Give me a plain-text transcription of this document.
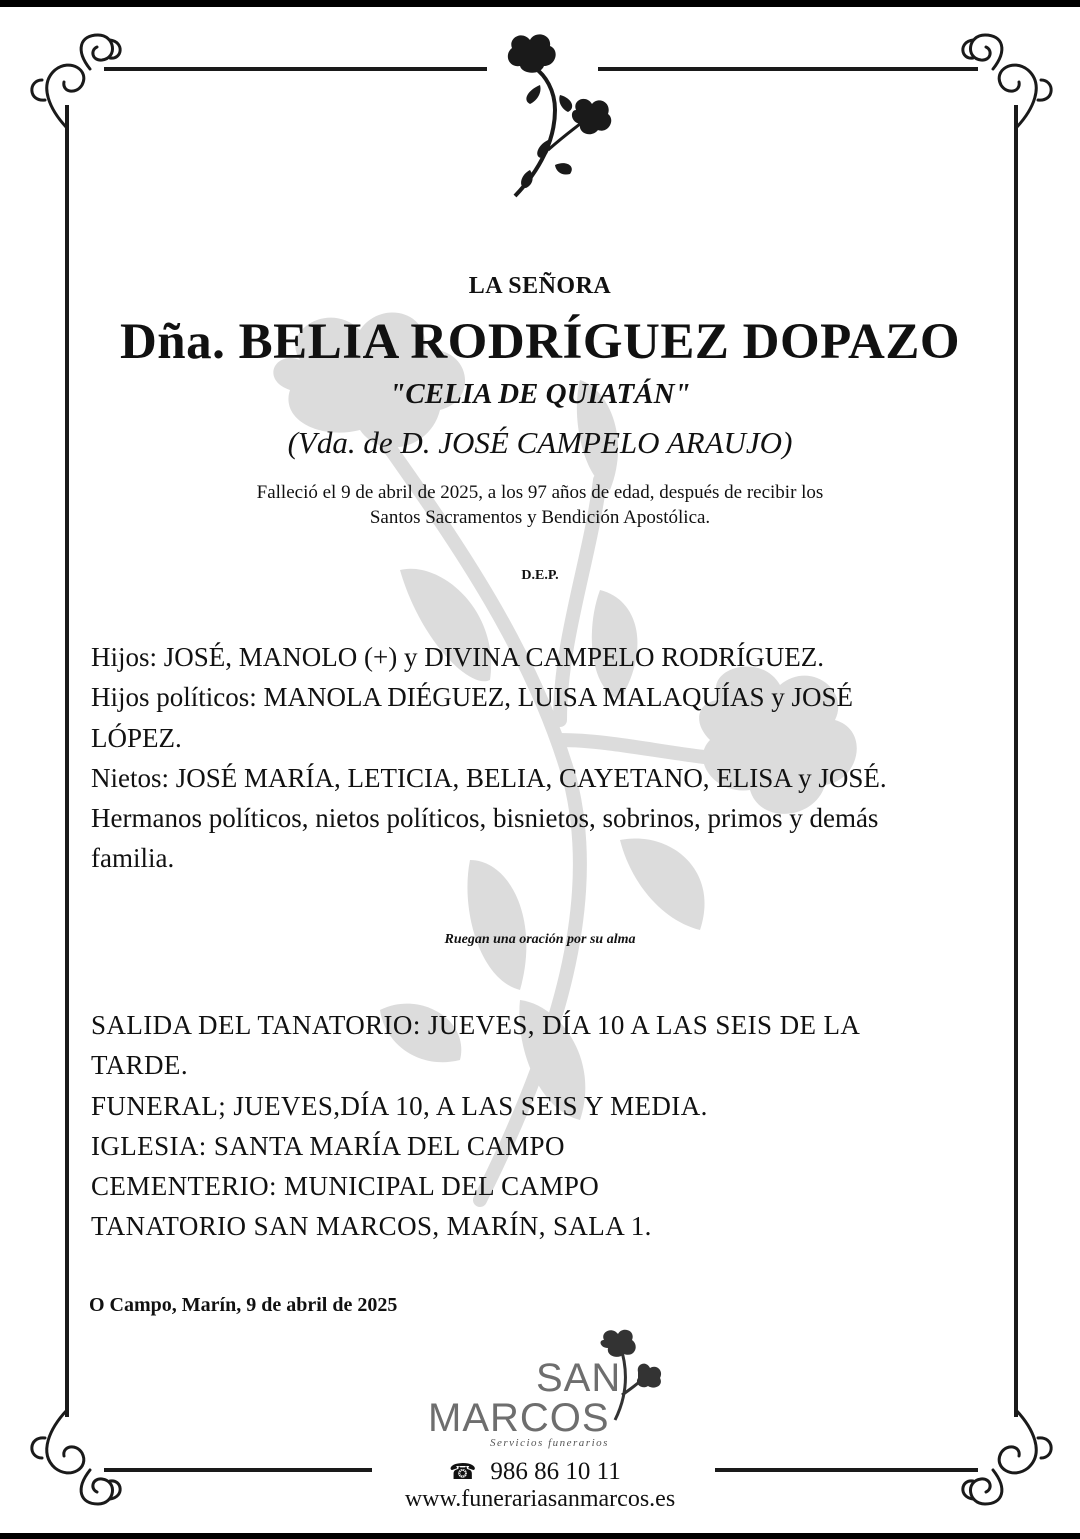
LA SEÑORA

Dña. BELIA RODRÍGUEZ DOPAZO

"CELIA DE QUIATÁN"

(Vda. de D. JOSÉ CAMPELO ARAUJO)

Falleció el 9 de abril de 2025, a los 97 años de edad, después de recibir los
Santos Sacramentos y Bendición Apostólica.

D.E.P.

Hijos: JOSÉ, MANOLO (+) y DIVINA CAMPELO RODRÍGUEZ.
Hijos políticos: MANOLA DIÉGUEZ, LUISA MALAQUÍAS y JOSÉ
LÓPEZ.
Nietos: JOSÉ MARÍA, LETICIA, BELIA, CAYETANO, ELISA y JOSÉ.
Hermanos políticos, nietos políticos, bisnietos, sobrinos, primos y demás
familia.

Ruegan una oración por su alma

SALIDA DEL TANATORIO: JUEVES, DÍA 10 A LAS SEIS DE LA
TARDE.
FUNERAL; JUEVES,DÍA 10, A LAS SEIS Y MEDIA.
IGLESIA: SANTA MARÍA DEL CAMPO
CEMENTERIO: MUNICIPAL DEL CAMPO
TANATORIO SAN MARCOS, MARÍN, SALA 1.

O Campo, Marín, 9 de abril de 2025

SAN
MARCOS
Servicios funerarios
☎ 986 86 10 11
www.funerariasanmarcos.es
